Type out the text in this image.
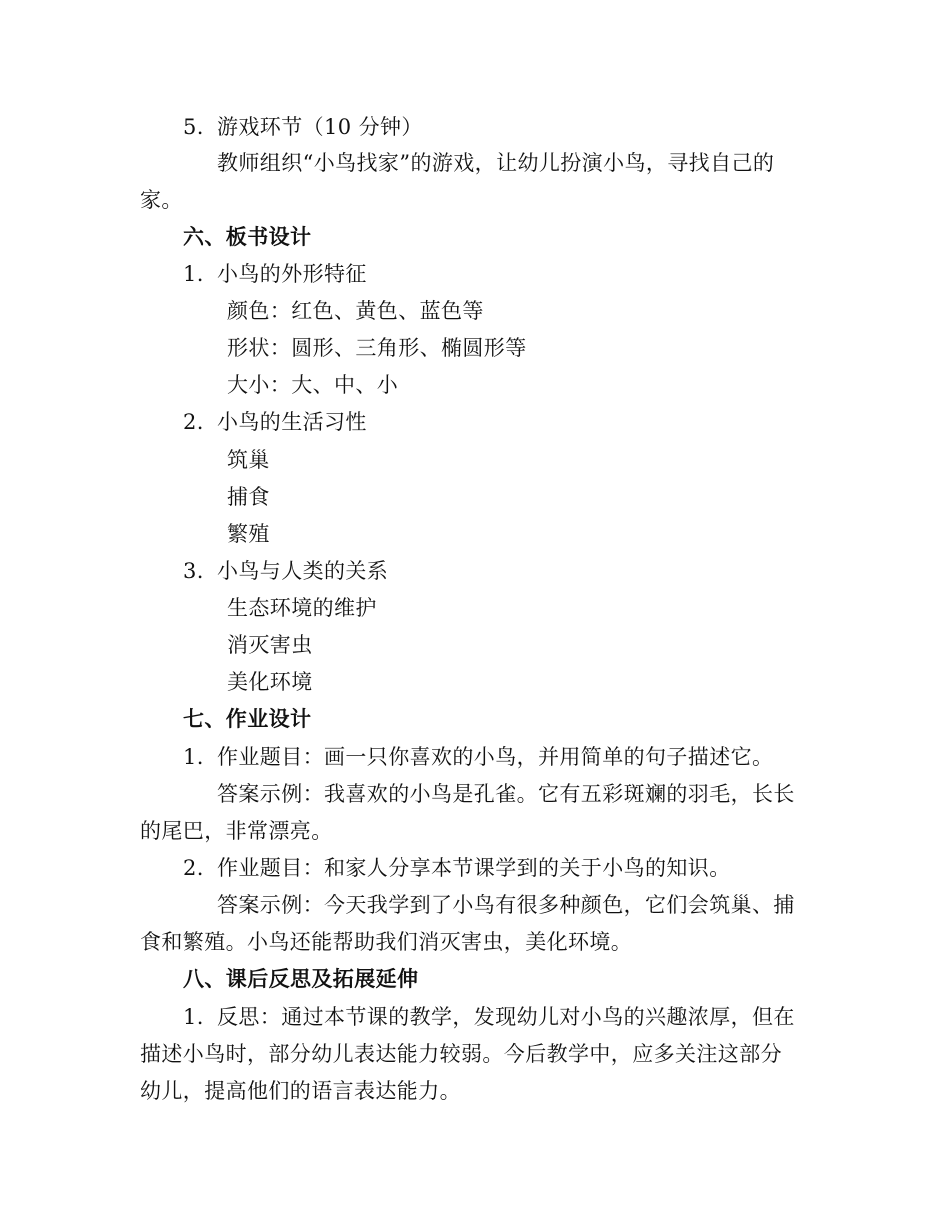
5. 游戏环节（10 分钟）
教师组织“小鸟找家”的游戏，让幼儿扮演小鸟，寻找自己的
家。
六、板书设计
1. 小鸟的外形特征
颜色：红色、黄色、蓝色等
形状：圆形、三角形、椭圆形等
大小：大、中、小
2. 小鸟的生活习性
筑巢
捕食
繁殖
3. 小鸟与人类的关系
生态环境的维护
消灭害虫
美化环境
七、作业设计
1. 作业题目：画一只你喜欢的小鸟，并用简单的句子描述它。
答案示例：我喜欢的小鸟是孔雀。它有五彩斑斓的羽毛，长长
的尾巴，非常漂亮。
2. 作业题目：和家人分享本节课学到的关于小鸟的知识。
答案示例：今天我学到了小鸟有很多种颜色，它们会筑巢、捕
食和繁殖。小鸟还能帮助我们消灭害虫，美化环境。
八、课后反思及拓展延伸
1. 反思：通过本节课的教学，发现幼儿对小鸟的兴趣浓厚，但在
描述小鸟时，部分幼儿表达能力较弱。今后教学中，应多关注这部分
幼儿，提高他们的语言表达能力。
